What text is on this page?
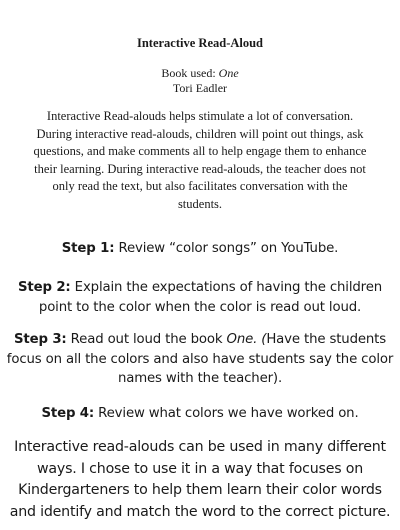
Interactive Read-Aloud
Book used: One
Tori Eadler

Interactive Read-alouds helps stimulate a lot of conversation. During interactive read-alouds, children will point out things, ask questions, and make comments all to help engage them to enhance their learning. During interactive read-alouds, the teacher does not only read the text, but also facilitates conversation with the students.

Step 1: Review “color songs” on YouTube.

Step 2: Explain the expectations of having the children point to the color when the color is read out loud.

Step 3: Read out loud the book One. (Have the students focus on all the colors and also have students say the color names with the teacher).

Step 4: Review what colors we have worked on.

Interactive read-alouds can be used in many different ways. I chose to use it in a way that focuses on Kindergarteners to help them learn their color words and identify and match the word to the correct picture.
